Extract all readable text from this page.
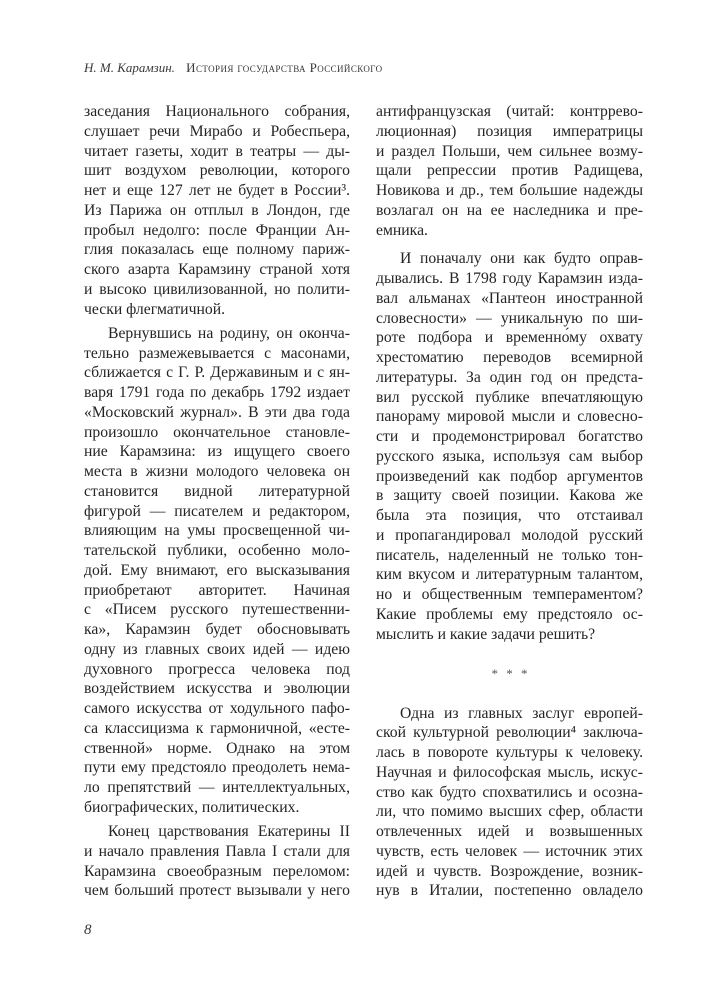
Н. М. Карамзин. История государства Российского
заседания Национального собрания,
слушает речи Мирабо и Робеспьера,
читает газеты, ходит в театры — ды-
шит воздухом революции, которого
нет и еще 127 лет не будет в России³.
Из Парижа он отплыл в Лондон, где
пробыл недолго: после Франции Ан-
глия показалась еще полному париж-
ского азарта Карамзину страной хотя
и высоко цивилизованной, но полити-
чески флегматичной.
Вернувшись на родину, он оконча-
тельно размежевывается с масонами,
сближается с Г. Р. Державиным и с ян-
варя 1791 года по декабрь 1792 издает
«Московский журнал». В эти два года
произошло окончательное становле-
ние Карамзина: из ищущего своего
места в жизни молодого человека он
становится видной литературной
фигурой — писателем и редактором,
влияющим на умы просвещенной чи-
тательской публики, особенно моло-
дой. Ему внимают, его высказывания
приобретают авторитет. Начиная
с «Писем русского путешественни-
ка», Карамзин будет обосновывать
одну из главных своих идей — идею
духовного прогресса человека под
воздействием искусства и эволюции
самого искусства от ходульного пафо-
са классицизма к гармоничной, «есте-
ственной» норме. Однако на этом
пути ему предстояло преодолеть нема-
ло препятствий — интеллектуальных,
биографических, политических.
Конец царствования Екатерины II
и начало правления Павла I стали для
Карамзина своеобразным переломом:
чем больший протест вызывали у него
антифранцузская (читай: контррево-
люционная) позиция императрицы
и раздел Польши, чем сильнее возму-
щали репрессии против Радищева,
Новикова и др., тем большие надежды
возлагал он на ее наследника и пре-
емника.
И поначалу они как будто оправ-
дывались. В 1798 году Карамзин изда-
вал альманах «Пантеон иностранной
словесности» — уникальную по ши-
роте подбора и временно́му охвату
хрестоматию переводов всемирной
литературы. За один год он предста-
вил русской публике впечатляющую
панораму мировой мысли и словесно-
сти и продемонстрировал богатство
русского языка, используя сам выбор
произведений как подбор аргументов
в защиту своей позиции. Какова же
была эта позиция, что отстаивал
и пропагандировал молодой русский
писатель, наделенный не только тон-
ким вкусом и литературным талантом,
но и общественным темпераментом?
Какие проблемы ему предстояло ос-
мыслить и какие задачи решить?
* * *
Одна из главных заслуг европей-
ской культурной революции⁴ заключа-
лась в повороте культуры к человеку.
Научная и философская мысль, искус-
ство как будто спохватились и осозна-
ли, что помимо высших сфер, области
отвлеченных идей и возвышенных
чувств, есть человек — источник этих
идей и чувств. Возрождение, возник-
нув в Италии, постепенно овладело
8
